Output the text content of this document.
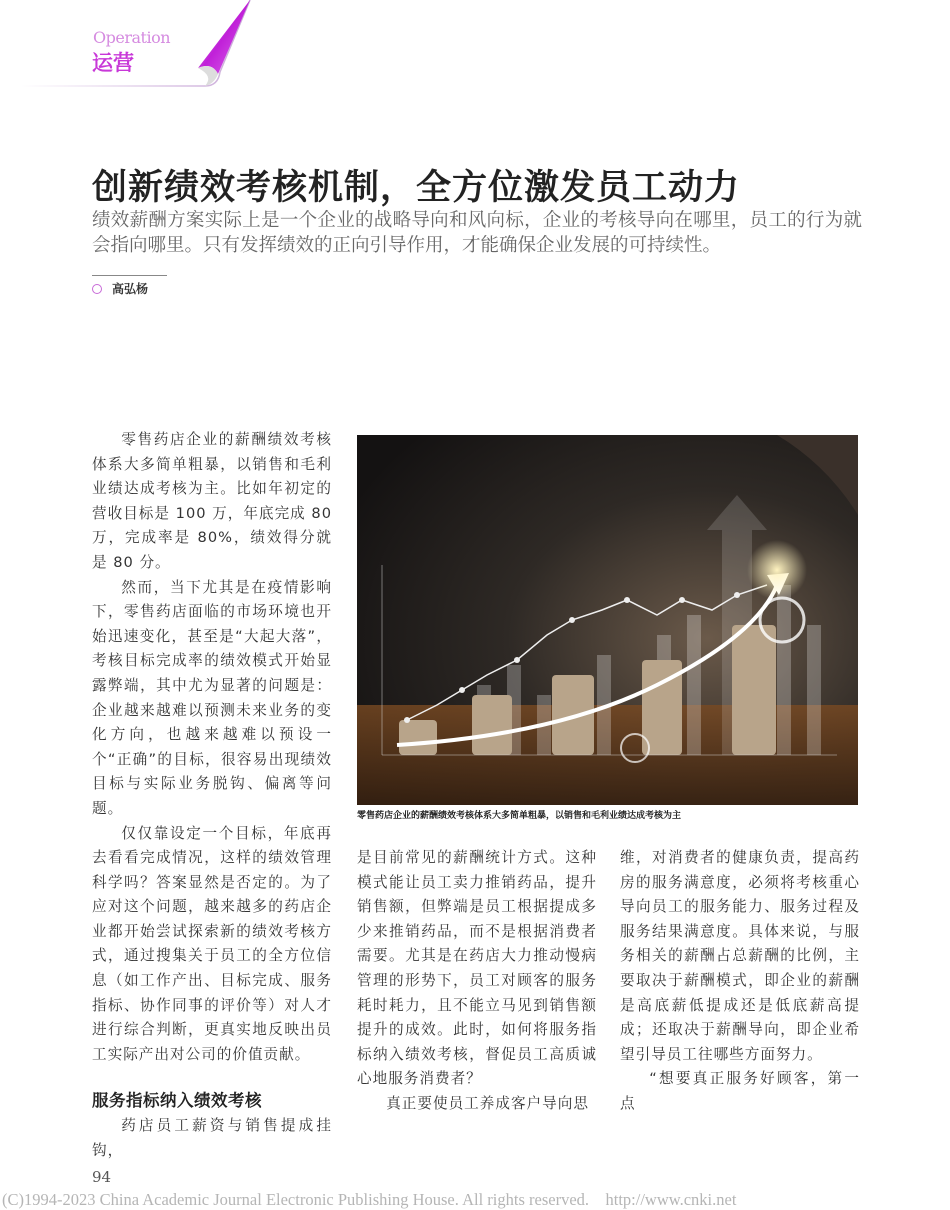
Operation
运营
创新绩效考核机制，全方位激发员工动力
绩效薪酬方案实际上是一个企业的战略导向和风向标，企业的考核导向在哪里，员工的行为就会指向哪里。只有发挥绩效的正向引导作用，才能确保企业发展的可持续性。
高弘杨

零售药店企业的薪酬绩效考核体系大多简单粗暴，以销售和毛利业绩达成考核为主。比如年初定的营收目标是 100 万，年底完成 80 万，完成率是 80%，绩效得分就是 80 分。

然而，当下尤其是在疫情影响下，零售药店面临的市场环境也开始迅速变化，甚至是“大起大落”，考核目标完成率的绩效模式开始显露弊端，其中尤为显著的问题是：企业越来越难以预测未来业务的变化方向，也越来越难以预设一个“正确”的目标，很容易出现绩效目标与实际业务脱钩、偏离等问题。

仅仅靠设定一个目标，年底再去看看完成情况，这样的绩效管理科学吗？答案显然是否定的。为了应对这个问题，越来越多的药店企业都开始尝试探索新的绩效考核方式，通过搜集关于员工的全方位信息（如工作产出、目标完成、服务指标、协作同事的评价等）对人才进行综合判断，更真实地反映出员工实际产出对公司的价值贡献。

服务指标纳入绩效考核

药店员工薪资与销售提成挂钩，

零售药店企业的薪酬绩效考核体系大多简单粗暴，以销售和毛利业绩达成考核为主

是目前常见的薪酬统计方式。这种模式能让员工卖力推销药品，提升销售额，但弊端是员工根据提成多少来推销药品，而不是根据消费者需要。尤其是在药店大力推动慢病管理的形势下，员工对顾客的服务耗时耗力，且不能立马见到销售额提升的成效。此时，如何将服务指标纳入绩效考核，督促员工高质诚心地服务消费者？

真正要使员工养成客户导向思

维，对消费者的健康负责，提高药房的服务满意度，必须将考核重心导向员工的服务能力、服务过程及服务结果满意度。具体来说，与服务相关的薪酬占总薪酬的比例，主要取决于薪酬模式，即企业的薪酬是高底薪低提成还是低底薪高提成；还取决于薪酬导向，即企业希望引导员工往哪些方面努力。

“想要真正服务好顾客，第一点

94
(C)1994-2023 China Academic Journal Electronic Publishing House. All rights reserved.    http://www.cnki.net
